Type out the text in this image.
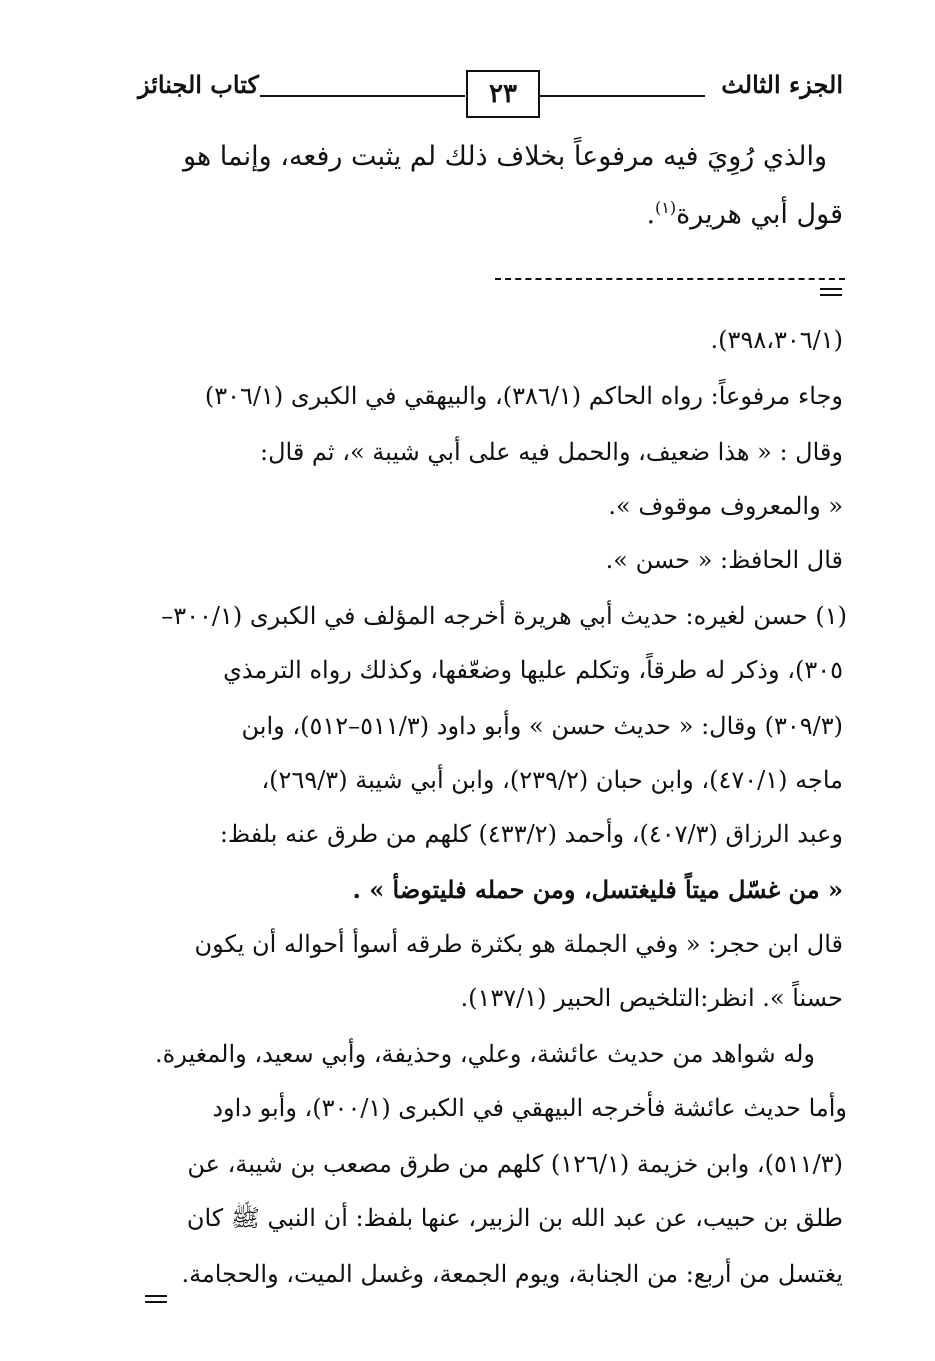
الجزء الثالث
٢٣
كتاب الجنائز
والذي رُوِيَ فيه مرفوعاً بخلاف ذلك لم يثبت رفعه، وإنما هو
قول أبي هريرة$^{(١)}$.
(٣٩٨،٣٠٦/١).
وجاء مرفوعاً: رواه الحاكم (٣٨٦/١)، والبيهقي في الكبرى (٣٠٦/١)
وقال : « هذا ضعيف، والحمل فيه على أبي شيبة »، ثم قال:
« والمعروف موقوف ».
قال الحافظ: « حسن ».
(١) حسن لغيره: حديث أبي هريرة أخرجه المؤلف في الكبرى (٣٠٠/١–
٣٠٥)، وذكر له طرقاً، وتكلم عليها وضعّفها، وكذلك رواه الترمذي
(٣٠٩/٣) وقال: « حديث حسن » وأبو داود (٥١١/٣–٥١٢)، وابن
ماجه (٤٧٠/١)، وابن حبان (٢٣٩/٢)، وابن أبي شيبة (٢٦٩/٣)،
وعبد الرزاق (٤٠٧/٣)، وأحمد (٤٣٣/٢) كلهم من طرق عنه بلفظ:
« من غسّل ميتاً فليغتسل، ومن حمله فليتوضأ » .
قال ابن حجر: « وفي الجملة هو بكثرة طرقه أسوأ أحواله أن يكون
حسناً ». انظر:التلخيص الحبير (١٣٧/١).
وله شواهد من حديث عائشة، وعلي، وحذيفة، وأبي سعيد، والمغيرة.
وأما حديث عائشة فأخرجه البيهقي في الكبرى (٣٠٠/١)، وأبو داود
(٥١١/٣)، وابن خزيمة (١٢٦/١) كلهم من طرق مصعب بن شيبة، عن
طلق بن حبيب، عن عبد الله بن الزبير، عنها بلفظ: أن النبي ﷺ كان
يغتسل من أربع: من الجنابة، ويوم الجمعة، وغسل الميت، والحجامة.
